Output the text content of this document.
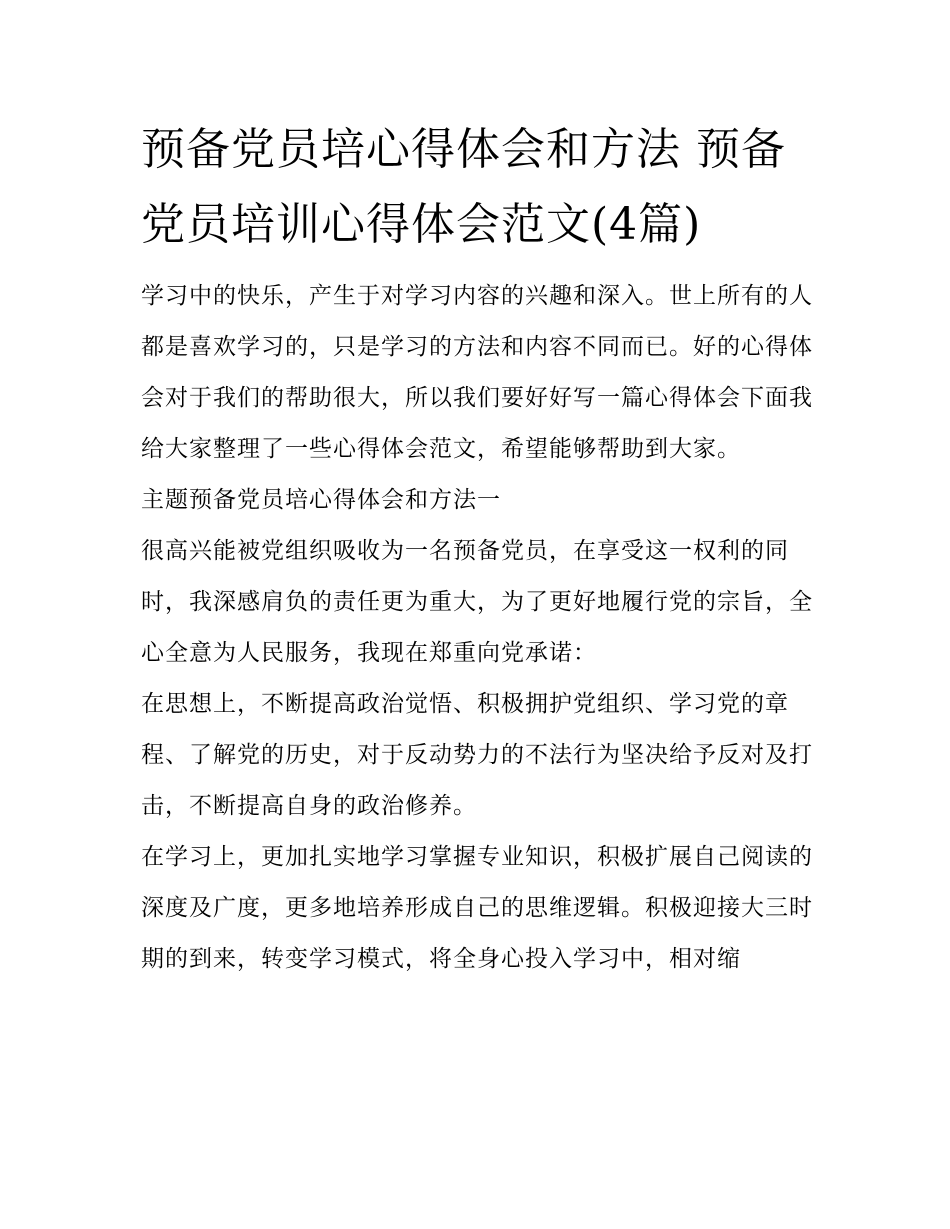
预备党员培心得体会和方法 预备党员培训心得体会范文(4篇)

学习中的快乐，产生于对学习内容的兴趣和深入。世上所有的人都是喜欢学习的，只是学习的方法和内容不同而已。好的心得体会对于我们的帮助很大，所以我们要好好写一篇心得体会下面我给大家整理了一些心得体会范文，希望能够帮助到大家。

主题预备党员培心得体会和方法一

很高兴能被党组织吸收为一名预备党员，在享受这一权利的同时，我深感肩负的责任更为重大，为了更好地履行党的宗旨，全心全意为人民服务，我现在郑重向党承诺：

在思想上，不断提高政治觉悟、积极拥护党组织、学习党的章程、了解党的历史，对于反动势力的不法行为坚决给予反对及打击，不断提高自身的政治修养。

在学习上，更加扎实地学习掌握专业知识，积极扩展自己阅读的深度及广度，更多地培养形成自己的思维逻辑。积极迎接大三时期的到来，转变学习模式，将全身心投入学习中，相对缩
